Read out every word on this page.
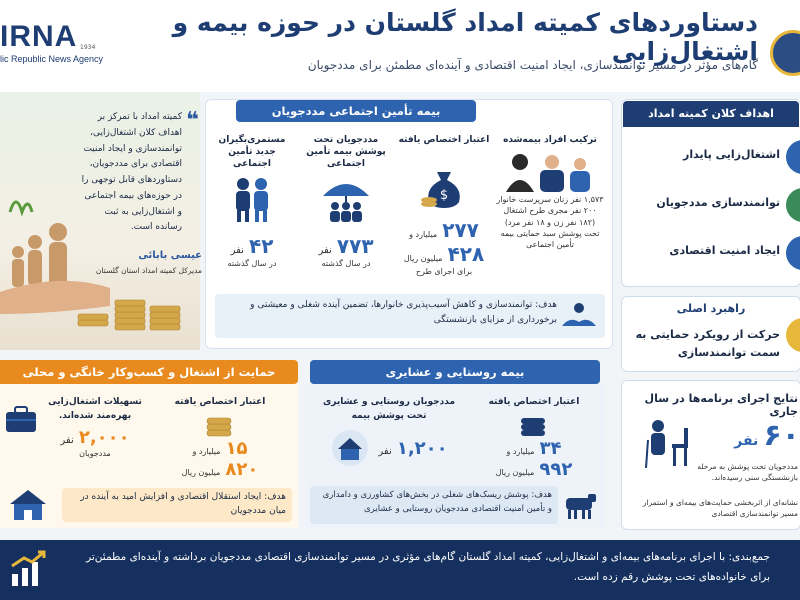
IRNA 1934
lic Republic News Agency
دستاوردهای کمیته امداد گلستان در حوزه بیمه و اشتغال‌زایی
گام‌های مؤثر در مسیر توانمندسازی، ایجاد امنیت اقتصادی و آینده‌ای مطمئن برای مددجویان
❝
کمیته امداد با تمرکز بر اهداف کلان اشتغال‌زایی، توانمندسازی و ایجاد امنیت اقتصادی برای مددجویان، دستاوردهای قابل توجهی را در حوزه‌های بیمه اجتماعی و اشتغال‌زایی به ثبت رسانده است.
عیسی بابائی
مدیرکل کمیته امداد استان گلستان
بیمه تأمین اجتماعی مددجویان
ترکیب افراد بیمه‌شده
۱,۵۷۳ نفر زنان سرپرست خانوار
۲۰۰ نفر مجری طرح اشتغال
(۱۸۲ نفر زن و ۱۸ نفر مرد)
تحت پوشش سبد حمایتی بیمه تأمین اجتماعی
اعتبار اختصاص یافته
$
۲۷۷ میلیارد و
۴۲۸ میلیون ریال
برای اجرای طرح
مددجویان تحت پوشش بیمه تأمین اجتماعی
۷۷۳ نفر
در سال گذشته
مستمری‌بگیران جدید تأمین اجتماعی
۴۲ نفر
در سال گذشته
هدف: توانمندسازی و کاهش آسیب‌پذیری خانوارها، تضمین آینده شغلی و معیشتی و برخورداری از مزایای بازنشستگی
اهداف کلان کمیته امداد
اشتغال‌زایی پایدار
توانمندسازی مددجویان
ایجاد امنیت اقتصادی
راهبرد اصلی
حرکت از رویکرد حمایتی به سمت توانمندسازی
نتایج اجرای برنامه‌ها در سال جاری
۶۰ نفر
مددجویان تحت پوشش به مرحله بازنشستگی سنی رسیده‌اند.
نشانه‌ای از اثربخشی حمایت‌های بیمه‌ای و استمرار مسیر توانمندسازی اقتصادی
حمایت از اشتغال و کسب‌وکار خانگی و محلی
اعتبار اختصاص یافته
۱۵ میلیارد و
۸۲۰ میلیون ریال
تسهیلات اشتغال‌زایی بهره‌مند شده‌اند.
۲,۰۰۰ نفر
مددجویان
هدف: ایجاد استقلال اقتصادی و افزایش امید به آینده در میان مددجویان
بیمه روستایی و عشایری
اعتبار اختصاص یافته
۳۴ میلیارد و
۹۹۲ میلیون ریال
مددجویان روستایی و عشایری تحت پوشش بیمه
۱,۲۰۰ نفر
هدف: پوشش ریسک‌های شغلی در بخش‌های کشاورزی و دامداری و تأمین امنیت اقتصادی مددجویان روستایی و عشایری
جمع‌بندی: با اجرای برنامه‌های بیمه‌ای و اشتغال‌زایی، کمیته امداد گلستان گام‌های مؤثری در مسیر توانمندسازی اقتصادی مددجویان برداشته و آینده‌ای مطمئن‌تر برای خانواده‌های تحت پوشش رقم زده است.
